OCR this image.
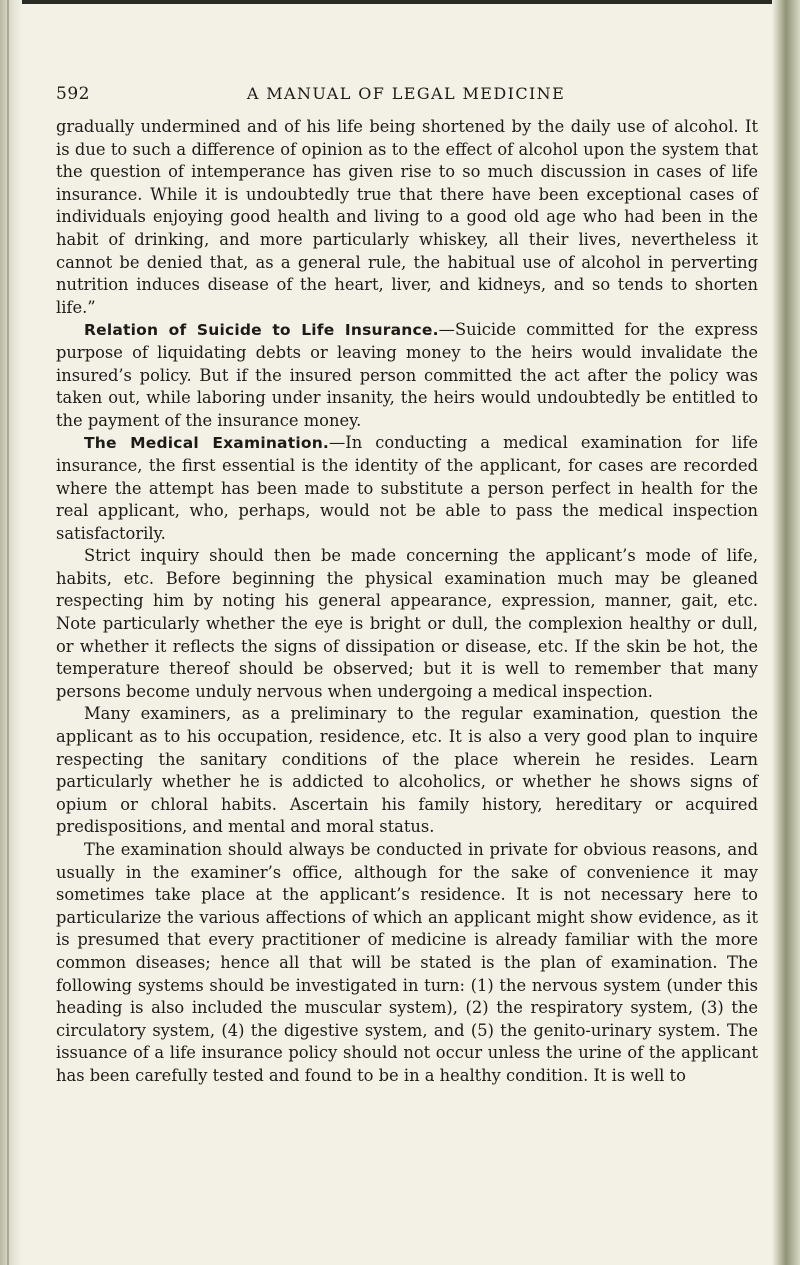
592	A MANUAL OF LEGAL MEDICINE

gradually undermined and of his life being shortened by the daily use of alcohol. It is due to such a difference of opinion as to the effect of alcohol upon the system that the question of intemperance has given rise to so much discussion in cases of life insurance. While it is undoubtedly true that there have been exceptional cases of individuals enjoying good health and living to a good old age who had been in the habit of drinking, and more particularly whiskey, all their lives, nevertheless it cannot be denied that, as a general rule, the habitual use of alcohol in perverting nutrition induces disease of the heart, liver, and kidneys, and so tends to shorten life.”

Relation of Suicide to Life Insurance.—Suicide committed for the express purpose of liquidating debts or leaving money to the heirs would invalidate the insured’s policy. But if the insured person committed the act after the policy was taken out, while laboring under insanity, the heirs would undoubtedly be entitled to the payment of the insurance money.

The Medical Examination.—In conducting a medical examination for life insurance, the first essential is the identity of the applicant, for cases are recorded where the attempt has been made to substitute a person perfect in health for the real applicant, who, perhaps, would not be able to pass the medical inspection satisfactorily.

Strict inquiry should then be made concerning the applicant’s mode of life, habits, etc. Before beginning the physical examination much may be gleaned respecting him by noting his general appearance, expression, manner, gait, etc. Note particularly whether the eye is bright or dull, the complexion healthy or dull, or whether it reflects the signs of dissipation or disease, etc. If the skin be hot, the temperature thereof should be observed; but it is well to remember that many persons become unduly nervous when undergoing a medical inspection.

Many examiners, as a preliminary to the regular examination, question the applicant as to his occupation, residence, etc. It is also a very good plan to inquire respecting the sanitary conditions of the place wherein he resides. Learn particularly whether he is addicted to alcoholics, or whether he shows signs of opium or chloral habits. Ascertain his family history, hereditary or acquired predispositions, and mental and moral status.

The examination should always be conducted in private for obvious reasons, and usually in the examiner’s office, although for the sake of convenience it may sometimes take place at the applicant’s residence. It is not necessary here to particularize the various affections of which an applicant might show evidence, as it is presumed that every practitioner of medicine is already familiar with the more common diseases; hence all that will be stated is the plan of examination. The following systems should be investigated in turn: (1) the nervous system (under this heading is also included the muscular system), (2) the respiratory system, (3) the circulatory system, (4) the digestive system, and (5) the genito-urinary system. The issuance of a life insurance policy should not occur unless the urine of the applicant has been carefully tested and found to be in a healthy condition. It is well to
